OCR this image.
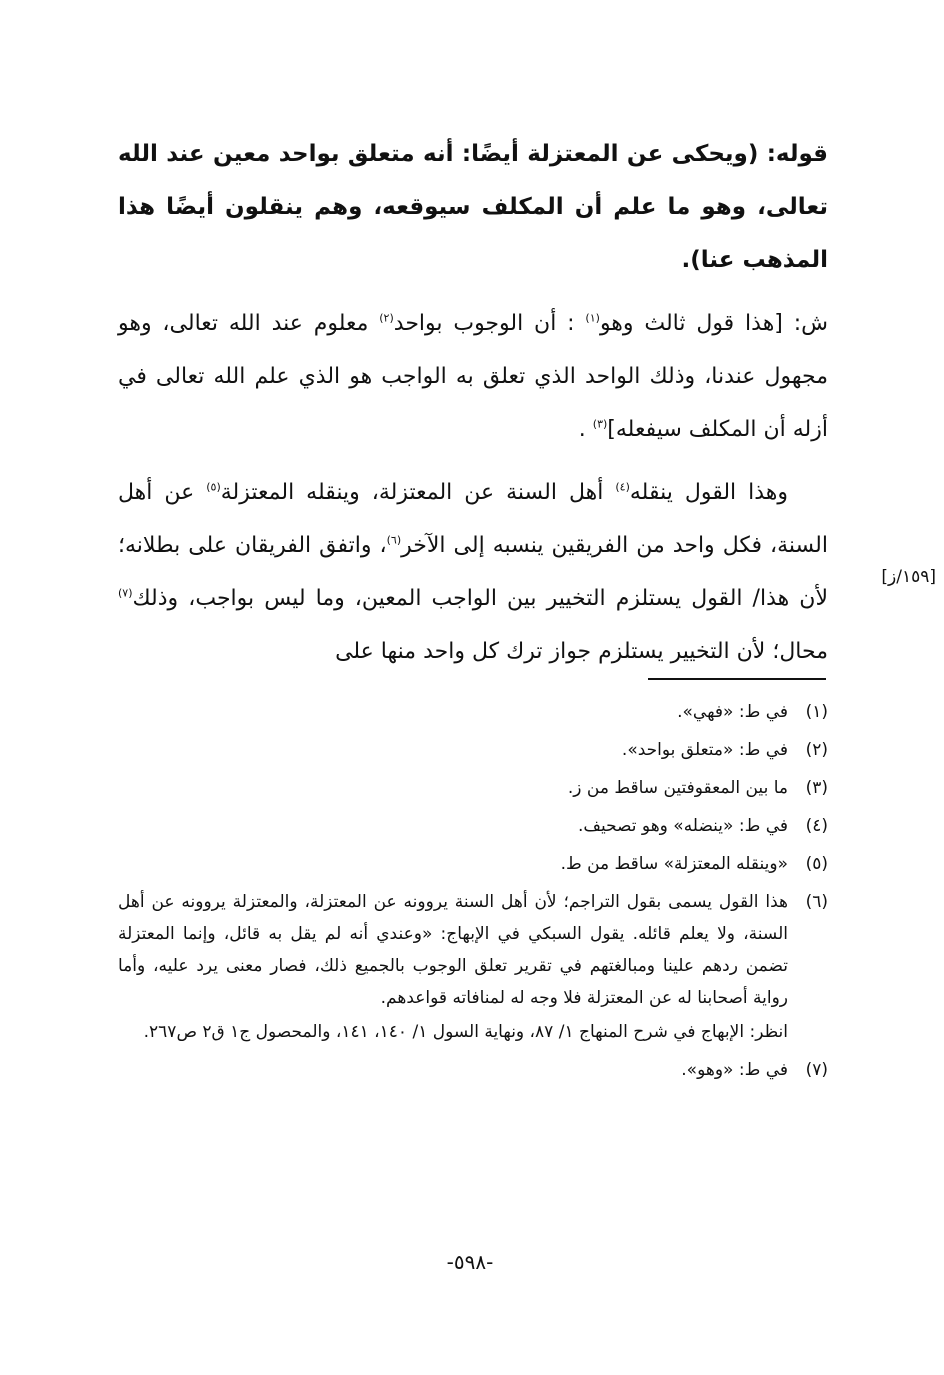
قوله: (ويحكى عن المعتزلة أيضًا: أنه متعلق بواحد معين عند الله تعالى، وهو ما علم أن المكلف سيوقعه، وهم ينقلون أيضًا هذا المذهب عنا).

ش: [هذا قول ثالث وهو$^{(١)}$ : أن الوجوب بواحد$^{(٢)}$ معلوم عند الله تعالى، وهو مجهول عندنا، وذلك الواحد الذي تعلق به الواجب هو الذي علم الله تعالى في أزله أن المكلف سيفعله]$^{(٣)}$ .

وهذا القول ينقله$^{(٤)}$ أهل السنة عن المعتزلة، وينقله المعتزلة$^{(٥)}$ عن أهل السنة، فكل واحد من الفريقين ينسبه إلى الآخر$^{(٦)}$، واتفق الفريقان على بطلانه؛ لأن هذا/ القول يستلزم التخيير بين الواجب المعين، وما ليس بواجب، وذلك$^{(٧)}$ محال؛ لأن التخيير يستلزم جواز ترك كل واحد منها على

[١٥٩/ز]
(١)
في ط: «فهي».
(٢)
في ط: «متعلق بواحد».
(٣)
ما بين المعقوفتين ساقط من ز.
(٤)
في ط: «ينضله» وهو تصحيف.
(٥)
«وينقله المعتزلة» ساقط من ط.
(٦)

هذا القول يسمى بقول التراجم؛ لأن أهل السنة يروونه عن المعتزلة، والمعتزلة يروونه عن أهل السنة، ولا يعلم قائله. يقول السبكي في الإبهاج: «وعندي أنه لم يقل به قائل، وإنما المعتزلة تضمن ردهم علينا ومبالغتهم في تقرير تعلق الوجوب بالجميع ذلك، فصار معنى يرد عليه، وأما رواية أصحابنا له عن المعتزلة فلا وجه له لمنافاته قواعدهم.

انظر: الإبهاج في شرح المنهاج ١/ ٨٧، ونهاية السول ١/ ١٤٠، ١٤١، والمحصول ج١ ق٢ ص٢٦٧.

(٧)
في ط: «وهو».
-٥٩٨-
